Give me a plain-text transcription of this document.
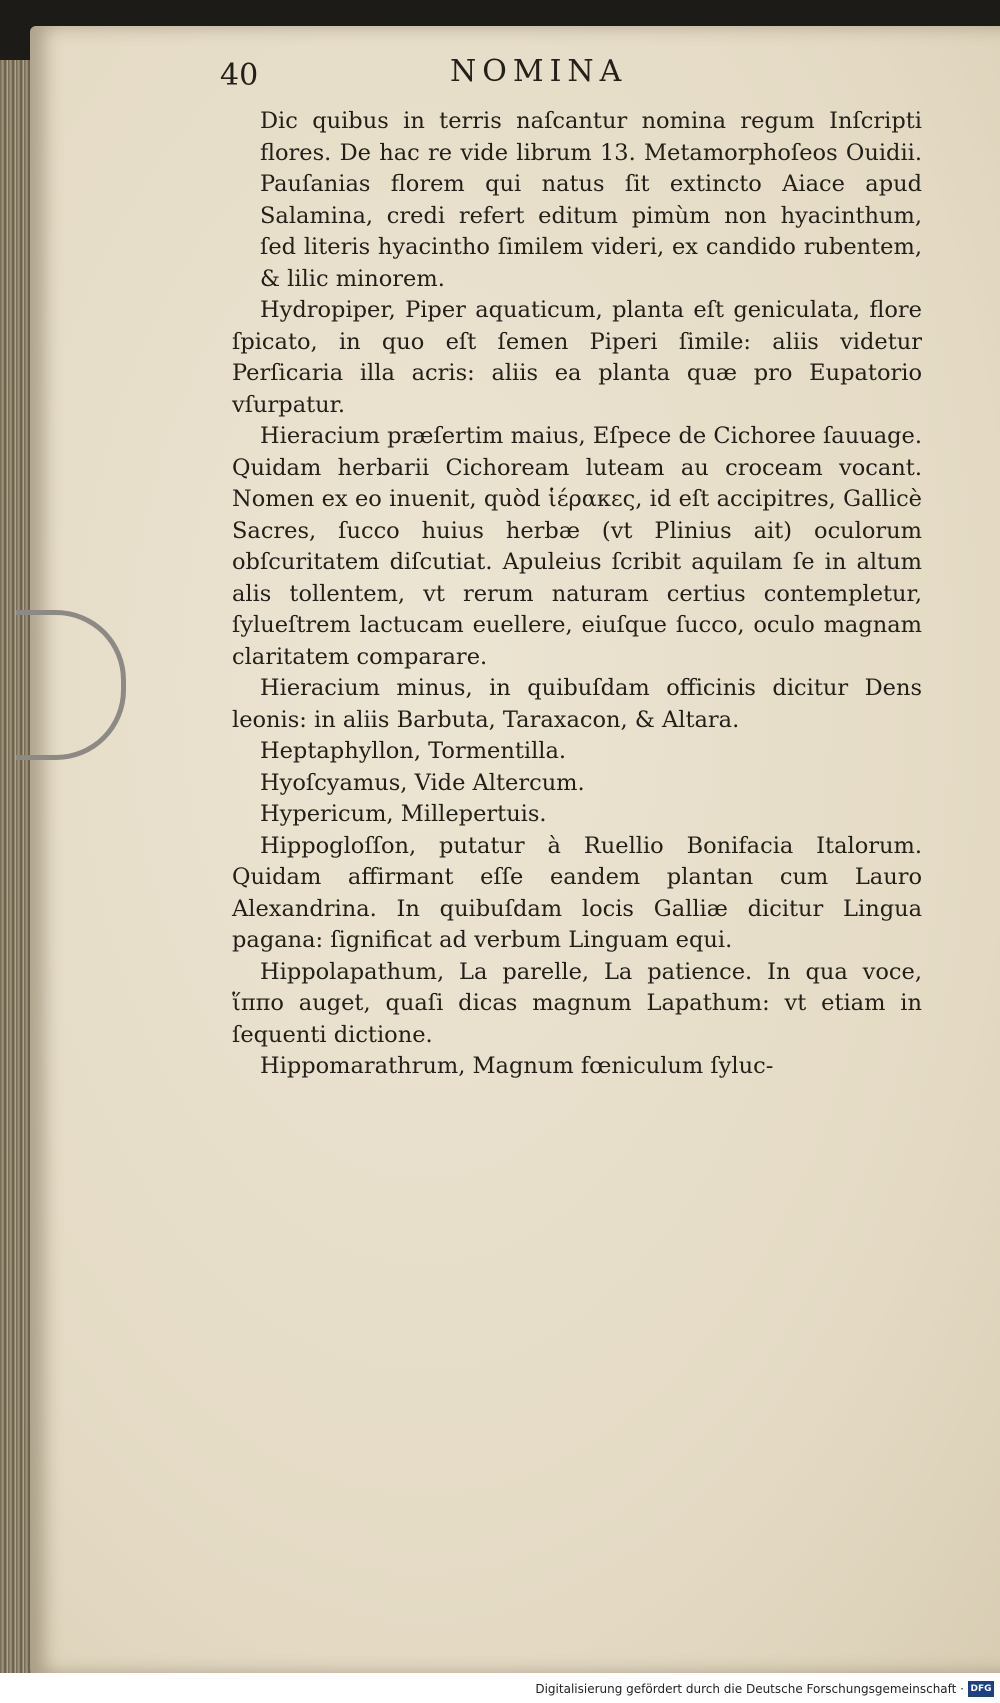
40	NOMINA

Dic quibus in terris naſcantur nomina regum Inſcripti flores. De hac re vide librum 13. Metamorphoſeos Ouidii. Pauſanias florem qui natus ſit extincto Aiace apud Salamina, credi refert editum pimùm non hyacinthum, ſed literis hyacintho ſimilem videri, ex candido rubentem, & lilic minorem.

Hydropiper, Piper aquaticum, planta eſt geniculata, flore ſpicato, in quo eſt ſemen Piperi ſimile: aliis videtur Perſicaria illa acris: aliis ea planta quæ pro Eupatorio vſurpatur.

Hieracium præſertim maius, Eſpece de Cichoree ſauuage. Quidam herbarii Cichoream luteam au croceam vocant. Nomen ex eo inuenit, quòd ἱέρακες, id eſt accipitres, Gallicè Sacres, ſucco huius herbæ (vt Plinius ait) oculorum obſcuritatem diſcutiat. Apuleius ſcribit aquilam ſe in altum alis tollentem, vt rerum naturam certius contempletur, ſylueſtrem lactucam euellere, eiuſque ſucco, oculo magnam claritatem comparare.

Hieracium minus, in quibuſdam officinis dicitur Dens leonis: in aliis Barbuta, Taraxacon, & Altara.

Heptaphyllon, Tormentilla.

Hyoſcyamus, Vide Altercum.

Hypericum, Millepertuis.

Hippogloſſon, putatur à Ruellio Bonifacia Italorum. Quidam affirmant eſſe eandem plantan cum Lauro Alexandrina. In quibuſdam locis Galliæ dicitur Lingua pagana: ſignificat ad verbum Linguam equi.

Hippolapathum, La parelle, La patience. In qua voce, ἵππο auget, quaſi dicas magnum Lapathum: vt etiam in ſequenti dictione.

Hippomarathrum, Magnum fœniculum ſyluc-

Digitalisierung gefördert durch die Deutsche Forschungsgemeinschaft · DFG
